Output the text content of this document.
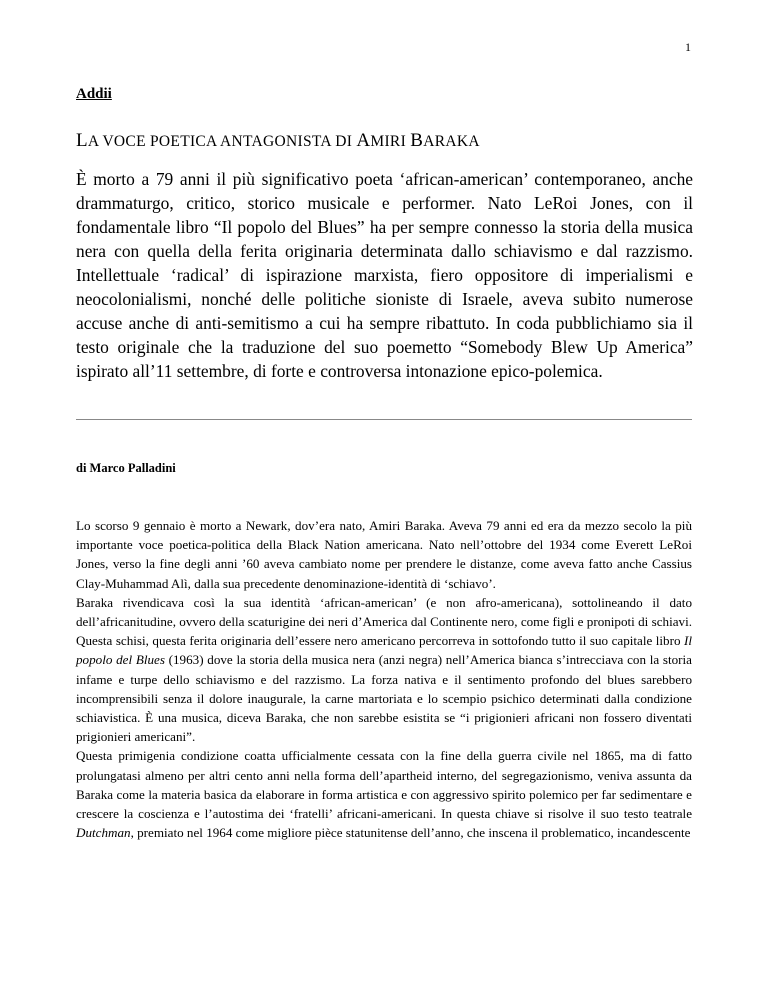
1
Addii
LA VOCE POETICA ANTAGONISTA DI AMIRI BARAKA

È morto a 79 anni il più significativo poeta ‘african-american’ contemporaneo, anche drammaturgo, critico, storico musicale e performer. Nato LeRoi Jones, con il fondamentale libro “Il popolo del Blues” ha per sempre connesso la storia della musica nera con quella della ferita originaria determinata dallo schiavismo e dal razzismo. Intellettuale ‘radical’ di ispirazione marxista, fiero oppositore di imperialismi e neocolonialismi, nonché delle politiche sioniste di Israele, aveva subito numerose accuse anche di anti-semitismo a cui ha sempre ribattuto. In coda pubblichiamo sia il testo originale che la traduzione del suo poemetto “Somebody Blew Up America” ispirato all’11 settembre, di forte e controversa intonazione epico-polemica.

di Marco Palladini

Lo scorso 9 gennaio è morto a Newark, dov’era nato, Amiri Baraka. Aveva 79 anni ed era da mezzo secolo la più importante voce poetica-politica della Black Nation americana. Nato nell’ottobre del 1934 come Everett LeRoi Jones, verso la fine degli anni ’60 aveva cambiato nome per prendere le distanze, come aveva fatto anche Cassius Clay-Muhammad Alì, dalla sua precedente denominazione-identità di ‘schiavo’.

Baraka rivendicava così la sua identità ‘african-american’ (e non afro-americana), sottolineando il dato dell’africanitudine, ovvero della scaturigine dei neri d’America dal Continente nero, come figli e pronipoti di schiavi. Questa schisi, questa ferita originaria dell’essere nero americano percorreva in sottofondo tutto il suo capitale libro Il popolo del Blues (1963) dove la storia della musica nera (anzi negra) nell’America bianca s’intrecciava con la storia infame e turpe dello schiavismo e del razzismo. La forza nativa e il sentimento profondo del blues sarebbero incomprensibili senza il dolore inaugurale, la carne martoriata e lo scempio psichico determinati dalla condizione schiavistica. È una musica, diceva Baraka, che non sarebbe esistita se “i prigionieri africani non fossero diventati prigionieri americani”.

Questa primigenia condizione coatta ufficialmente cessata con la fine della guerra civile nel 1865, ma di fatto prolungatasi almeno per altri cento anni nella forma dell’apartheid interno, del segregazionismo, veniva assunta da Baraka come la materia basica da elaborare in forma artistica e con aggressivo spirito polemico per far sedimentare e crescere la coscienza e l’autostima dei ‘fratelli’ africani-americani. In questa chiave si risolve il suo testo teatrale Dutchman, premiato nel 1964 come migliore pièce statunitense dell’anno, che inscena il problematico, incandescente
